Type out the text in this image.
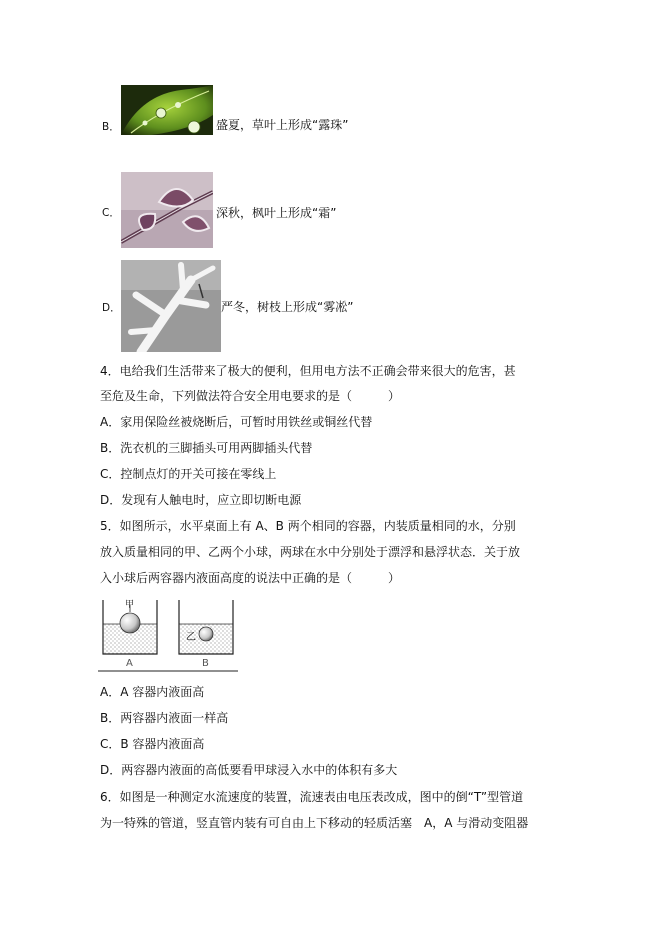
B．	盛夏，草叶上形成“露珠”
C．	深秋，枫叶上形成“霜”
D．	严冬，树枝上形成“雾凇”
4．电给我们生活带来了极大的便利，但用电方法不正确会带来很大的危害，甚
至危及生命，下列做法符合安全用电要求的是（　　　）
A．家用保险丝被烧断后，可暂时用铁丝或铜丝代替
B．洗衣机的三脚插头可用两脚插头代替
C．控制点灯的开关可接在零线上
D．发现有人触电时，应立即切断电源
5．如图所示，水平桌面上有 A、B 两个相同的容器，内装质量相同的水，分别
放入质量相同的甲、乙两个小球，两球在水中分别处于漂浮和悬浮状态．关于放
入小球后两容器内液面高度的说法中正确的是（　　　）
甲
乙
A	B
A．A 容器内液面高
B．两容器内液面一样高
C．B 容器内液面高
D．两容器内液面的高低要看甲球浸入水中的体积有多大
6．如图是一种测定水流速度的装置，流速表由电压表改成，图中的倒“T”型管道
为一特殊的管道，竖直管内装有可自由上下移动的轻质活塞　A，A 与滑动变阻器
